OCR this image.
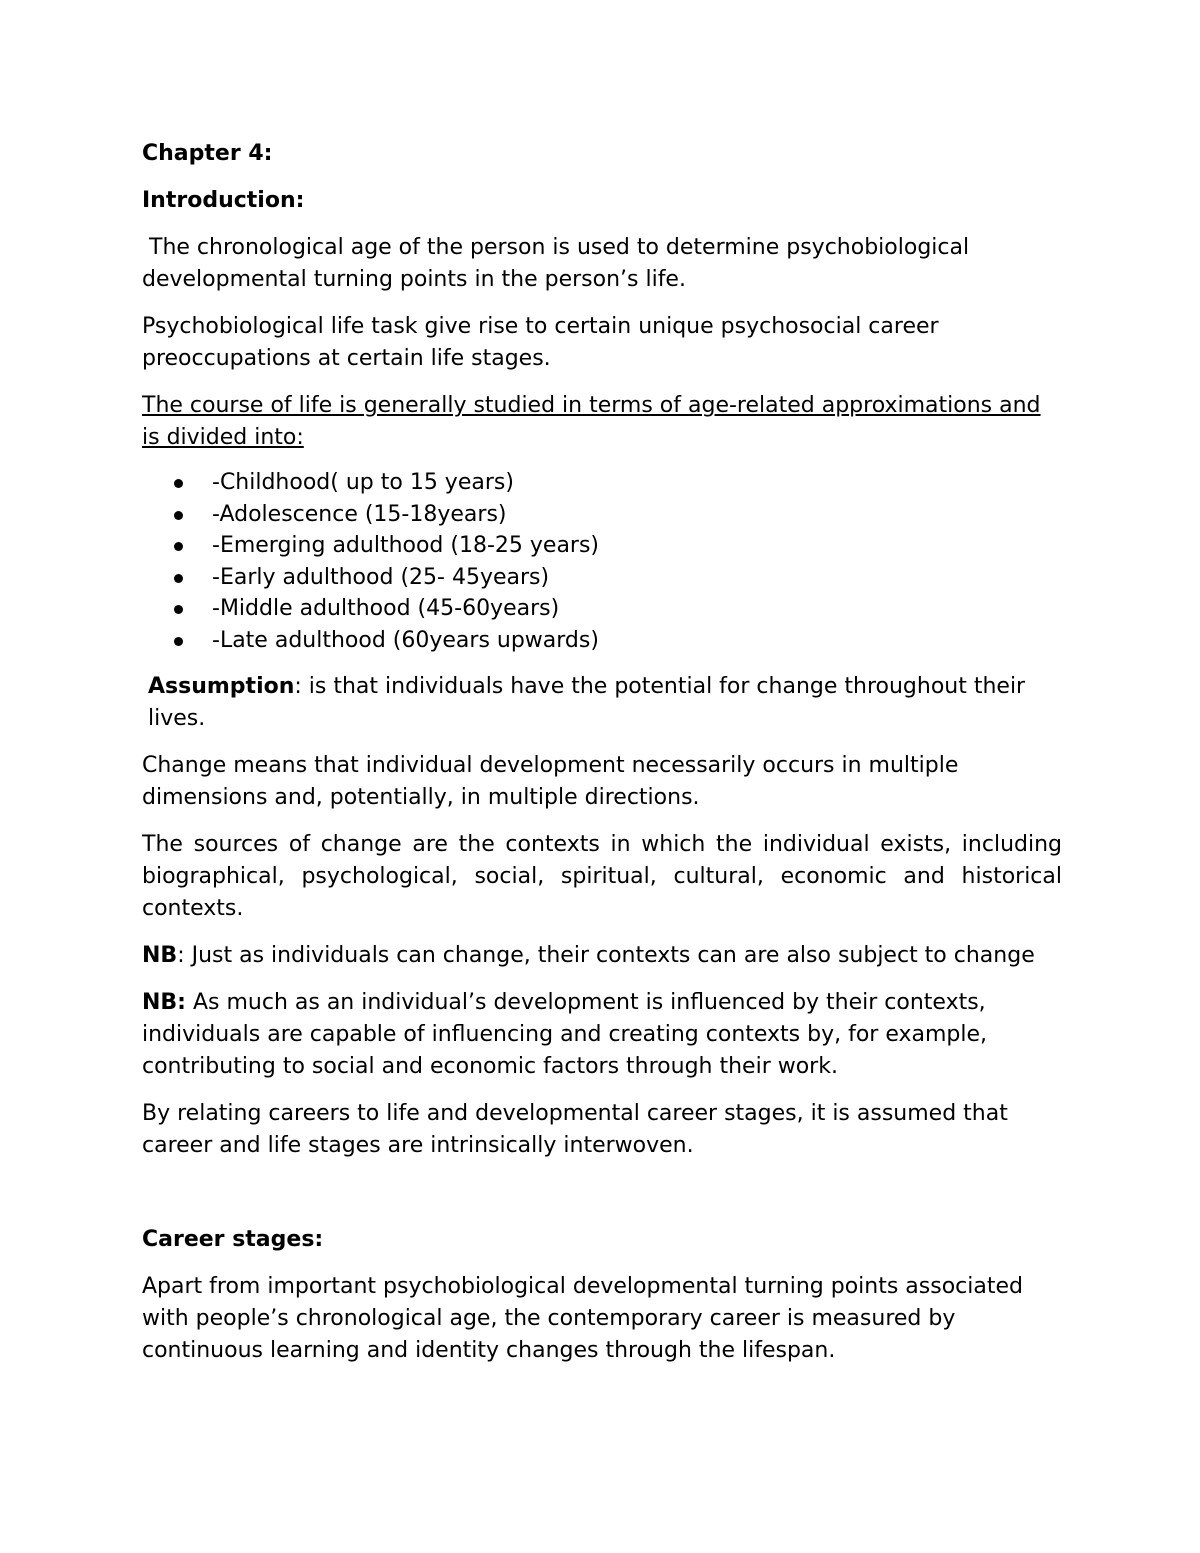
Chapter 4:

Introduction:

The chronological age of the person is used to determine psychobiological developmental turning points in the person’s life.

Psychobiological life task give rise to certain unique psychosocial career preoccupations at certain life stages.

The course of life is generally studied in terms of age-related approximations and is divided into:

-Childhood( up to 15 years)
-Adolescence (15-18years)
-Emerging adulthood (18-25 years)
-Early adulthood (25- 45years)
-Middle adulthood (45-60years)
-Late adulthood (60years upwards)

Assumption: is that individuals have the potential for change throughout their lives.

Change means that individual development necessarily occurs in multiple dimensions and, potentially, in multiple directions.

The sources of change are the contexts in which the individual exists, including biographical, psychological, social, spiritual, cultural, economic and historical contexts.

NB: Just as individuals can change, their contexts can are also subject to change

NB: As much as an individual’s development is influenced by their contexts, individuals are capable of influencing and creating contexts by, for example, contributing to social and economic factors through their work.

By relating careers to life and developmental career stages, it is assumed that career and life stages are intrinsically interwoven.

Career stages:

Apart from important psychobiological developmental turning points associated with people’s chronological age, the contemporary career is measured by continuous learning and identity changes through the lifespan.
